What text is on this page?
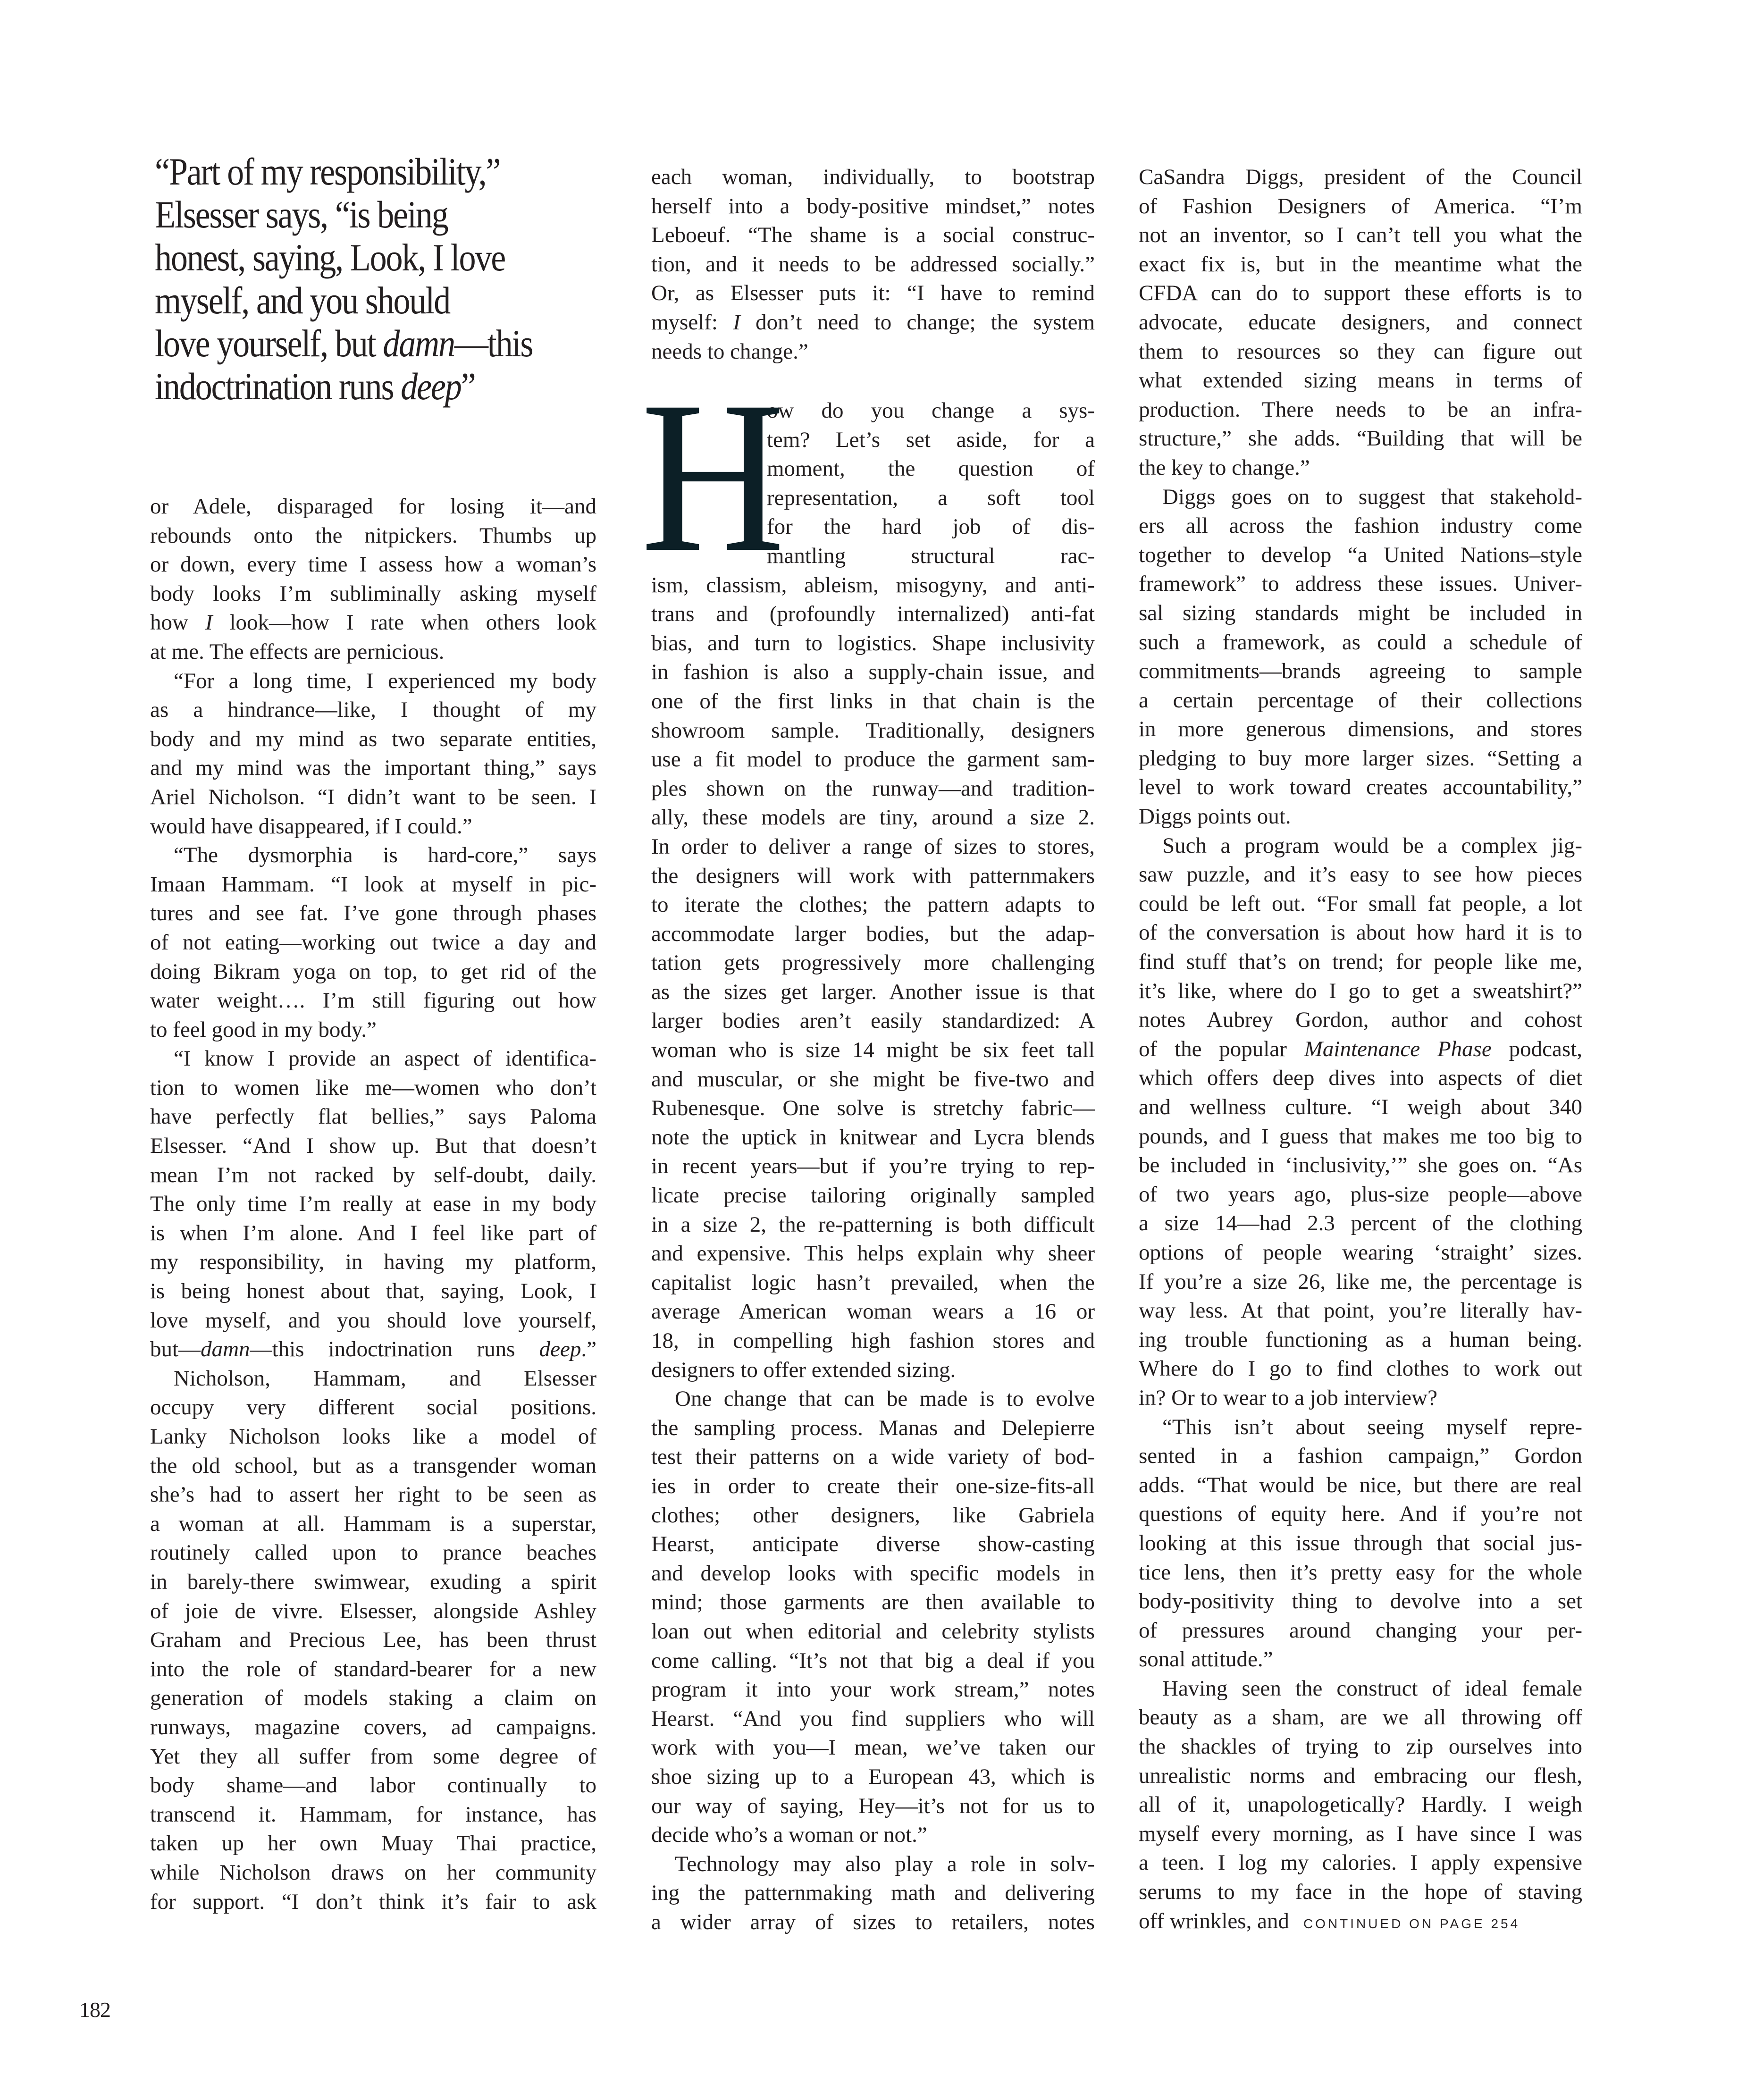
“Part of my responsibility,”
Elsesser says, “is being
honest, saying, Look, I love
myself, and you should
love yourself, but damn—this
indoctrination runs deep”
or Adele, disparaged for losing it—and
rebounds onto the nitpickers. Thumbs up
or down, every time I assess how a woman’s
body looks I’m subliminally asking myself
how I look—how I rate when others look
at me. The effects are pernicious.
“For a long time, I experienced my body
as a hindrance—like, I thought of my
body and my mind as two separate entities,
and my mind was the important thing,” says
Ariel Nicholson. “I didn’t want to be seen. I
would have disappeared, if I could.”
“The dysmorphia is hard-core,” says
Imaan Hammam. “I look at myself in pic-
tures and see fat. I’ve gone through phases
of not eating—working out twice a day and
doing Bikram yoga on top, to get rid of the
water weight…. I’m still figuring out how
to feel good in my body.”
“I know I provide an aspect of identifica-
tion to women like me—women who don’t
have perfectly flat bellies,” says Paloma
Elsesser. “And I show up. But that doesn’t
mean I’m not racked by self-doubt, daily.
The only time I’m really at ease in my body
is when I’m alone. And I feel like part of
my responsibility, in having my platform,
is being honest about that, saying, Look, I
love myself, and you should love yourself,
but—damn—this indoctrination runs deep.”
Nicholson, Hammam, and Elsesser
occupy very different social positions.
Lanky Nicholson looks like a model of
the old school, but as a transgender woman
she’s had to assert her right to be seen as
a woman at all. Hammam is a superstar,
routinely called upon to prance beaches
in barely-there swimwear, exuding a spirit
of joie de vivre. Elsesser, alongside Ashley
Graham and Precious Lee, has been thrust
into the role of standard-bearer for a new
generation of models staking a claim on
runways, magazine covers, ad campaigns.
Yet they all suffer from some degree of
body shame—and labor continually to
transcend it. Hammam, for instance, has
taken up her own Muay Thai practice,
while Nicholson draws on her community
for support. “I don’t think it’s fair to ask
each woman, individually, to bootstrap
herself into a body-positive mindset,” notes
Leboeuf. “The shame is a social construc-
tion, and it needs to be addressed socially.”
Or, as Elsesser puts it: “I have to remind
myself: I don’t need to change; the system
needs to change.”
H
ow do you change a sys-
tem? Let’s set aside, for a
moment, the question of
representation, a soft tool
for the hard job of dis-
mantling structural rac-
ism, classism, ableism, misogyny, and anti-
trans and (profoundly internalized) anti-fat
bias, and turn to logistics. Shape inclusivity
in fashion is also a supply-chain issue, and
one of the first links in that chain is the
showroom sample. Traditionally, designers
use a fit model to produce the garment sam-
ples shown on the runway—and tradition-
ally, these models are tiny, around a size 2.
In order to deliver a range of sizes to stores,
the designers will work with patternmakers
to iterate the clothes; the pattern adapts to
accommodate larger bodies, but the adap-
tation gets progressively more challenging
as the sizes get larger. Another issue is that
larger bodies aren’t easily standardized: A
woman who is size 14 might be six feet tall
and muscular, or she might be five-two and
Rubenesque. One solve is stretchy fabric—
note the uptick in knitwear and Lycra blends
in recent years—but if you’re trying to rep-
licate precise tailoring originally sampled
in a size 2, the re-patterning is both difficult
and expensive. This helps explain why sheer
capitalist logic hasn’t prevailed, when the
average American woman wears a 16 or
18, in compelling high fashion stores and
designers to offer extended sizing.
One change that can be made is to evolve
the sampling process. Manas and Delepierre
test their patterns on a wide variety of bod-
ies in order to create their one-size-fits-all
clothes; other designers, like Gabriela
Hearst, anticipate diverse show-casting
and develop looks with specific models in
mind; those garments are then available to
loan out when editorial and celebrity stylists
come calling. “It’s not that big a deal if you
program it into your work stream,” notes
Hearst. “And you find suppliers who will
work with you—I mean, we’ve taken our
shoe sizing up to a European 43, which is
our way of saying, Hey—it’s not for us to
decide who’s a woman or not.”
Technology may also play a role in solv-
ing the patternmaking math and delivering
a wider array of sizes to retailers, notes
CaSandra Diggs, president of the Council
of Fashion Designers of America. “I’m
not an inventor, so I can’t tell you what the
exact fix is, but in the meantime what the
CFDA can do to support these efforts is to
advocate, educate designers, and connect
them to resources so they can figure out
what extended sizing means in terms of
production. There needs to be an infra-
structure,” she adds. “Building that will be
the key to change.”
Diggs goes on to suggest that stakehold-
ers all across the fashion industry come
together to develop “a United Nations–style
framework” to address these issues. Univer-
sal sizing standards might be included in
such a framework, as could a schedule of
commitments—brands agreeing to sample
a certain percentage of their collections
in more generous dimensions, and stores
pledging to buy more larger sizes. “Setting a
level to work toward creates accountability,”
Diggs points out.
Such a program would be a complex jig-
saw puzzle, and it’s easy to see how pieces
could be left out. “For small fat people, a lot
of the conversation is about how hard it is to
find stuff that’s on trend; for people like me,
it’s like, where do I go to get a sweatshirt?”
notes Aubrey Gordon, author and cohost
of the popular Maintenance Phase podcast,
which offers deep dives into aspects of diet
and wellness culture. “I weigh about 340
pounds, and I guess that makes me too big to
be included in ‘inclusivity,’” she goes on. “As
of two years ago, plus-size people—above
a size 14—had 2.3 percent of the clothing
options of people wearing ‘straight’ sizes.
If you’re a size 26, like me, the percentage is
way less. At that point, you’re literally hav-
ing trouble functioning as a human being.
Where do I go to find clothes to work out
in? Or to wear to a job interview?
“This isn’t about seeing myself repre-
sented in a fashion campaign,” Gordon
adds. “That would be nice, but there are real
questions of equity here. And if you’re not
looking at this issue through that social jus-
tice lens, then it’s pretty easy for the whole
body-positivity thing to devolve into a set
of pressures around changing your per-
sonal attitude.”
Having seen the construct of ideal female
beauty as a sham, are we all throwing off
the shackles of trying to zip ourselves into
unrealistic norms and embracing our flesh,
all of it, unapologetically? Hardly. I weigh
myself every morning, as I have since I was
a teen. I log my calories. I apply expensive
serums to my face in the hope of staving
off wrinkles, and CONTINUED ON PAGE 254
182
